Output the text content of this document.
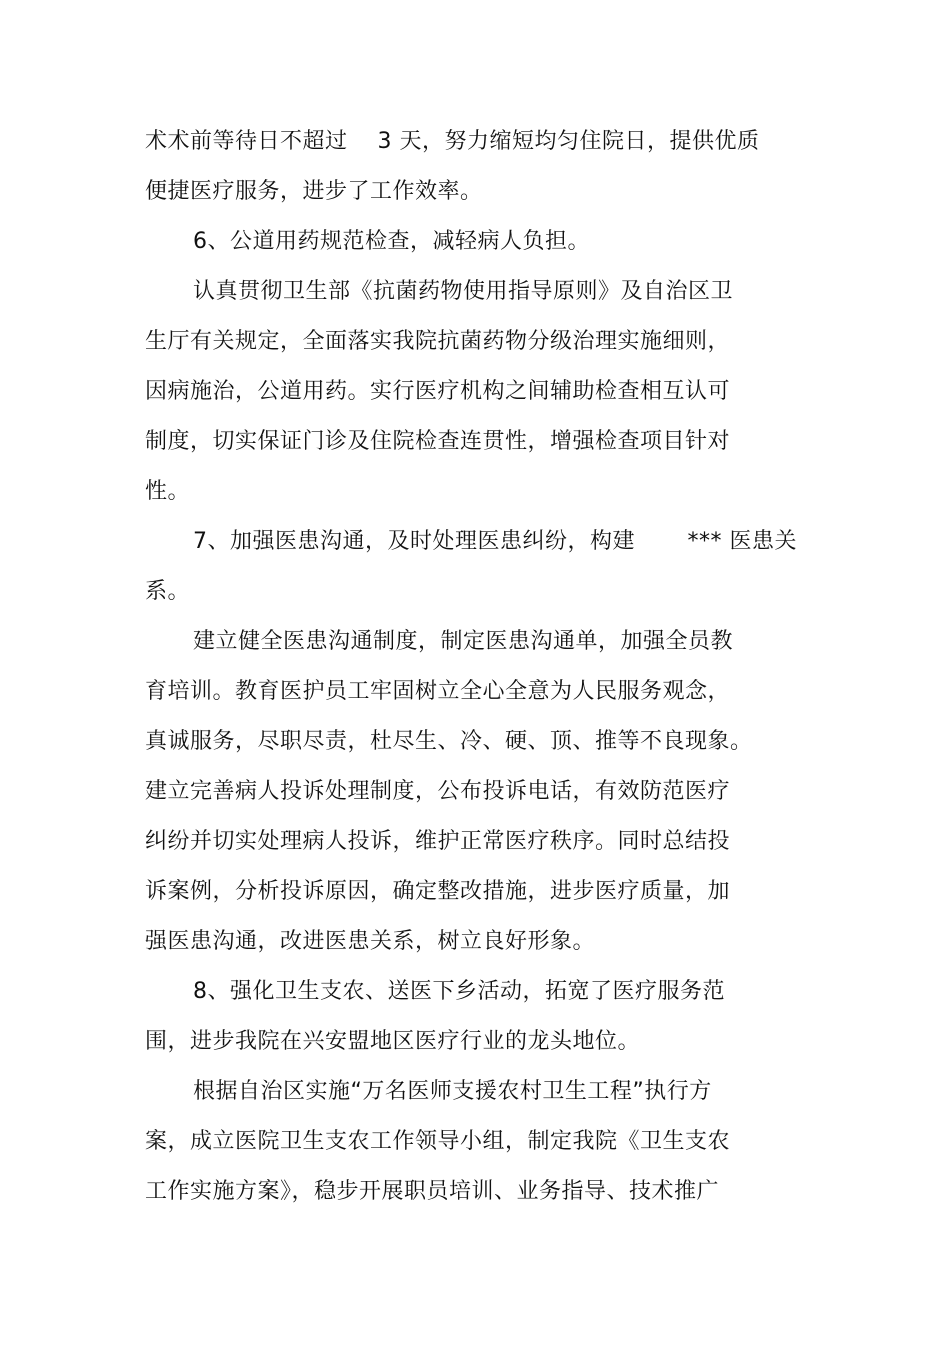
术术前等待日不超过    3 天，努力缩短均匀住院日，提供优质
便捷医疗服务，进步了工作效率。
6、公道用药规范检查，减轻病人负担。
认真贯彻卫生部《抗菌药物使用指导原则》及自治区卫
生厅有关规定，全面落实我院抗菌药物分级治理实施细则，
因病施治，公道用药。实行医疗机构之间辅助检查相互认可
制度，切实保证门诊及住院检查连贯性，增强检查项目针对
性。
7、加强医患沟通，及时处理医患纠纷，构建       *** 医患关
系。
建立健全医患沟通制度，制定医患沟通单，加强全员教
育培训。教育医护员工牢固树立全心全意为人民服务观念，
真诚服务，尽职尽责，杜尽生、冷、硬、顶、推等不良现象。
建立完善病人投诉处理制度，公布投诉电话，有效防范医疗
纠纷并切实处理病人投诉，维护正常医疗秩序。同时总结投
诉案例，分析投诉原因，确定整改措施，进步医疗质量，加
强医患沟通，改进医患关系，树立良好形象。
8、强化卫生支农、送医下乡活动，拓宽了医疗服务范
围，进步我院在兴安盟地区医疗行业的龙头地位。
根据自治区实施“万名医师支援农村卫生工程”执行方
案，成立医院卫生支农工作领导小组，制定我院《卫生支农
工作实施方案》，稳步开展职员培训、业务指导、技术推广
